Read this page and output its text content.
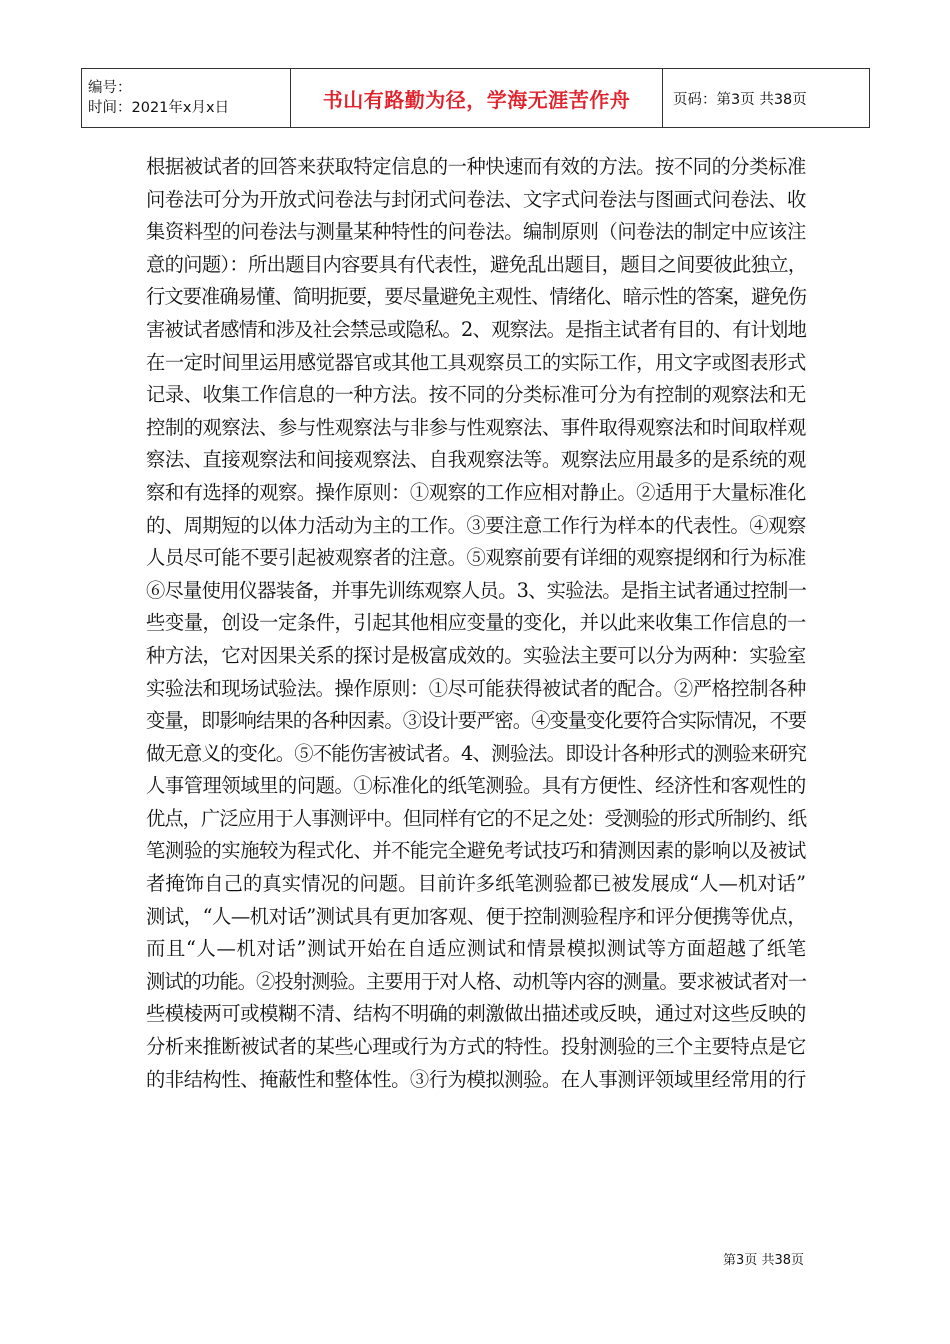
编号：
时间：2021年x月x日	书山有路勤为径，学海无涯苦作舟	页码：第3页 共38页
根据被试者的回答来获取特定信息的一种快速而有效的方法。按不同的分类标准
问卷法可分为开放式问卷法与封闭式问卷法、文字式问卷法与图画式问卷法、收
集资料型的问卷法与测量某种特性的问卷法。编制原则（问卷法的制定中应该注
意的问题）：所出题目内容要具有代表性，避免乱出题目，题目之间要彼此独立，
行文要准确易懂、简明扼要，要尽量避免主观性、情绪化、暗示性的答案，避免伤
害被试者感情和涉及社会禁忌或隐私。2、观察法。是指主试者有目的、有计划地
在一定时间里运用感觉器官或其他工具观察员工的实际工作，用文字或图表形式
记录、收集工作信息的一种方法。按不同的分类标准可分为有控制的观察法和无
控制的观察法、参与性观察法与非参与性观察法、事件取得观察法和时间取样观
察法、直接观察法和间接观察法、自我观察法等。观察法应用最多的是系统的观
察和有选择的观察。操作原则：①观察的工作应相对静止。②适用于大量标准化
的、周期短的以体力活动为主的工作。③要注意工作行为样本的代表性。④观察
人员尽可能不要引起被观察者的注意。⑤观察前要有详细的观察提纲和行为标准
⑥尽量使用仪器装备，并事先训练观察人员。3、实验法。是指主试者通过控制一
些变量，创设一定条件，引起其他相应变量的变化，并以此来收集工作信息的一
种方法，它对因果关系的探讨是极富成效的。实验法主要可以分为两种：实验室
实验法和现场试验法。操作原则：①尽可能获得被试者的配合。②严格控制各种
变量，即影响结果的各种因素。③设计要严密。④变量变化要符合实际情况，不要
做无意义的变化。⑤不能伤害被试者。4、测验法。即设计各种形式的测验来研究
人事管理领域里的问题。①标准化的纸笔测验。具有方便性、经济性和客观性的
优点，广泛应用于人事测评中。但同样有它的不足之处：受测验的形式所制约、纸
笔测验的实施较为程式化、并不能完全避免考试技巧和猜测因素的影响以及被试
者掩饰自己的真实情况的问题。目前许多纸笔测验都已被发展成“人—机对话”
测试，“人—机对话”测试具有更加客观、便于控制测验程序和评分便携等优点，
而且“人—机对话”测试开始在自适应测试和情景模拟测试等方面超越了纸笔
测试的功能。②投射测验。主要用于对人格、动机等内容的测量。要求被试者对一
些模棱两可或模糊不清、结构不明确的刺激做出描述或反映，通过对这些反映的
分析来推断被试者的某些心理或行为方式的特性。投射测验的三个主要特点是它
的非结构性、掩蔽性和整体性。③行为模拟测验。在人事测评领域里经常用的行
第3页 共38页
